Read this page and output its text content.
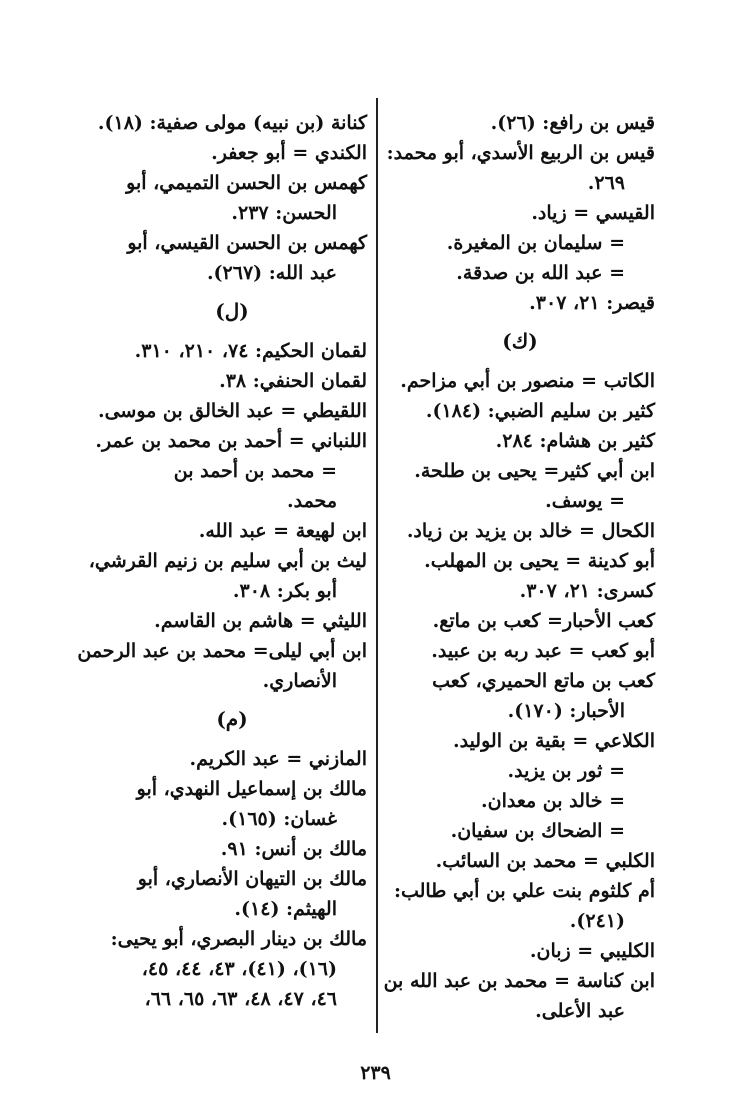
قيس بن رافع: (٢٦).

قيس بن الربيع الأسدي، أبو محمد:

٢٦٩.

القيسي = زياد.

= سليمان بن المغيرة.

= عبد الله بن صدقة.

قيصر: ٢١، ٣٠٧.

(ك)

الكاتب = منصور بن أبي مزاحم.

كثير بن سليم الضبي: (١٨٤).

كثير بن هشام: ٢٨٤.

ابن أبي كثير= يحيى بن طلحة.

= يوسف.

الكحال = خالد بن يزيد بن زياد.

أبو كدينة = يحيى بن المهلب.

كسرى: ٢١، ٣٠٧.

كعب الأحبار= كعب بن ماتع.

أبو كعب = عبد ربه بن عبيد.

كعب بن ماتع الحميري، كعب

الأحبار: (١٧٠).

الكلاعي = بقية بن الوليد.

= ثور بن يزيد.

= خالد بن معدان.

= الضحاك بن سفيان.

الكلبي = محمد بن السائب.

أم كلثوم بنت علي بن أبي طالب:

(٢٤١).

الكليبي = زبان.

ابن كناسة = محمد بن عبد الله بن

عبد الأعلى.

كنانة (بن نبيه) مولى صفية: (١٨).

الكندي = أبو جعفر.

كهمس بن الحسن التميمي، أبو

الحسن: ٢٣٧.

كهمس بن الحسن القيسي، أبو

عبد الله: (٢٦٧).

(ل)

لقمان الحكيم: ٧٤، ٢١٠، ٣١٠.

لقمان الحنفي: ٣٨.

اللقيطي = عبد الخالق بن موسى.

اللنباني = أحمد بن محمد بن عمر.

= محمد بن أحمد بن

محمد.

ابن لهيعة = عبد الله.

ليث بن أبي سليم بن زنيم القرشي،

أبو بكر: ٣٠٨.

الليثي = هاشم بن القاسم.

ابن أبي ليلى= محمد بن عبد الرحمن

الأنصاري.

(م)

المازني = عبد الكريم.

مالك بن إسماعيل النهدي، أبو

غسان: (١٦٥).

مالك بن أنس: ٩١.

مالك بن التيهان الأنصاري، أبو

الهيثم: (١٤).

مالك بن دينار البصري، أبو يحيى:

(١٦)، (٤١)، ٤٣، ٤٤، ٤٥،

٤٦، ٤٧، ٤٨، ٦٣، ٦٥، ٦٦،

٢٣٩
